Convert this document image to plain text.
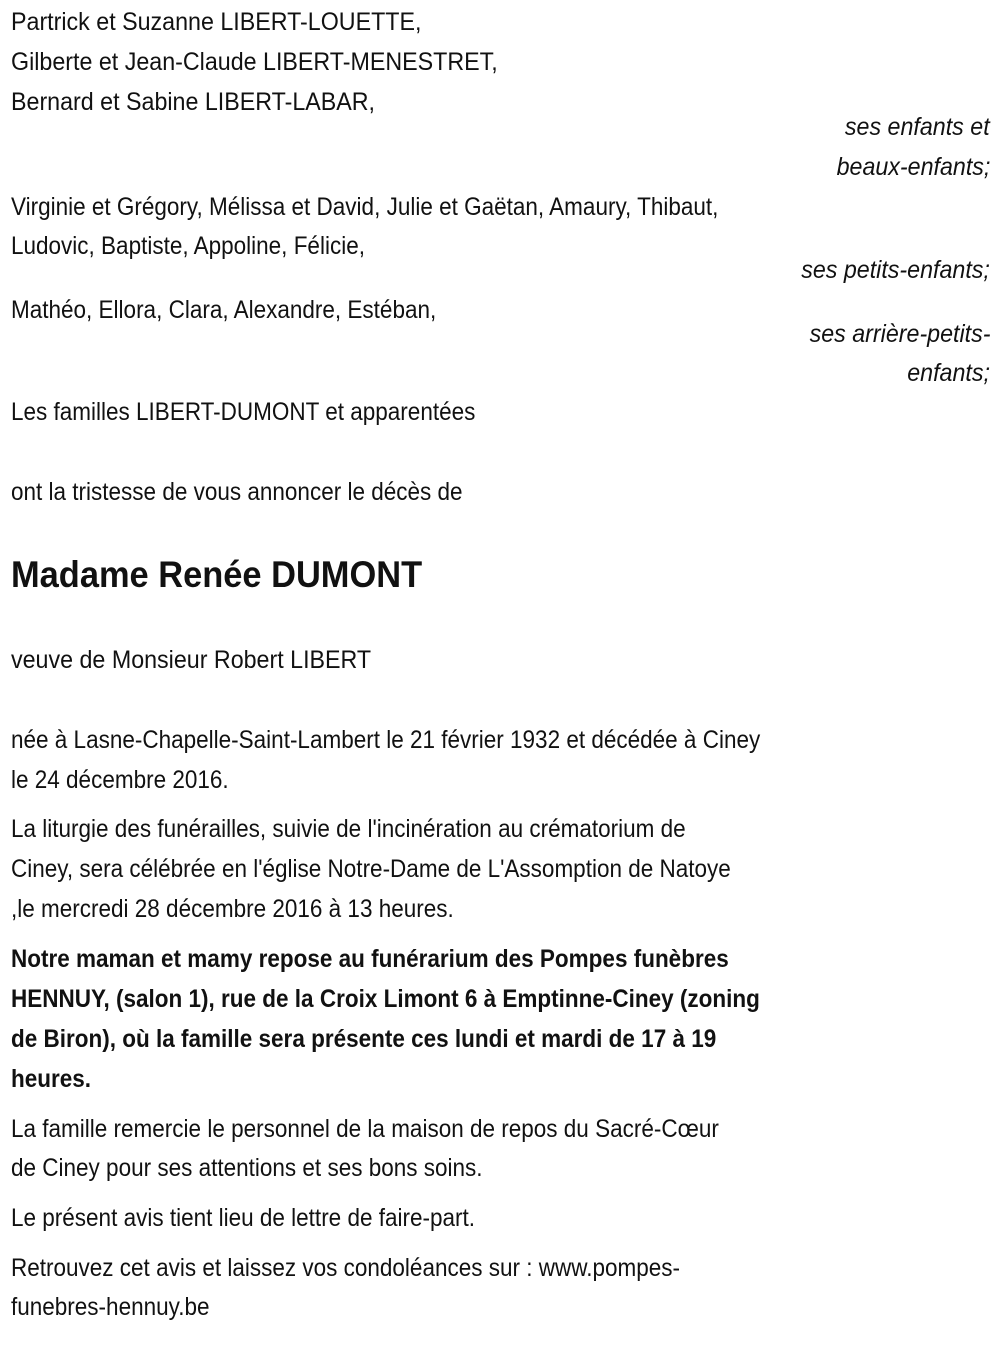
Partrick et Suzanne LIBERT-LOUETTE,
Gilberte et Jean-Claude LIBERT-MENESTRET,
Bernard et Sabine LIBERT-LABAR,
ses enfants et
beaux-enfants;
Virginie et Grégory, Mélissa et David, Julie et Gaëtan, Amaury, Thibaut,
Ludovic, Baptiste, Appoline, Félicie,
ses petits-enfants;
Mathéo, Ellora, Clara, Alexandre, Estéban,
ses arrière-petits-
enfants;
Les familles LIBERT-DUMONT et apparentées
ont la tristesse de vous annoncer le décès de
Madame Renée DUMONT
veuve de Monsieur Robert LIBERT
née à Lasne-Chapelle-Saint-Lambert le 21 février 1932 et décédée à Ciney
le 24 décembre 2016.
La liturgie des funérailles, suivie de l'incinération au crématorium de
Ciney, sera célébrée en l'église Notre-Dame de L'Assomption de Natoye
,le mercredi 28 décembre 2016 à 13 heures.
Notre maman et mamy repose au funérarium des Pompes funèbres
HENNUY, (salon 1), rue de la Croix Limont 6 à Emptinne-Ciney (zoning
de Biron), où la famille sera présente ces lundi et mardi de 17 à 19
heures.
La famille remercie le personnel de la maison de repos du Sacré-Cœur
de Ciney pour ses attentions et ses bons soins.
Le présent avis tient lieu de lettre de faire-part.
Retrouvez cet avis et laissez vos condoléances sur : www.pompes-
funebres-hennuy.be
